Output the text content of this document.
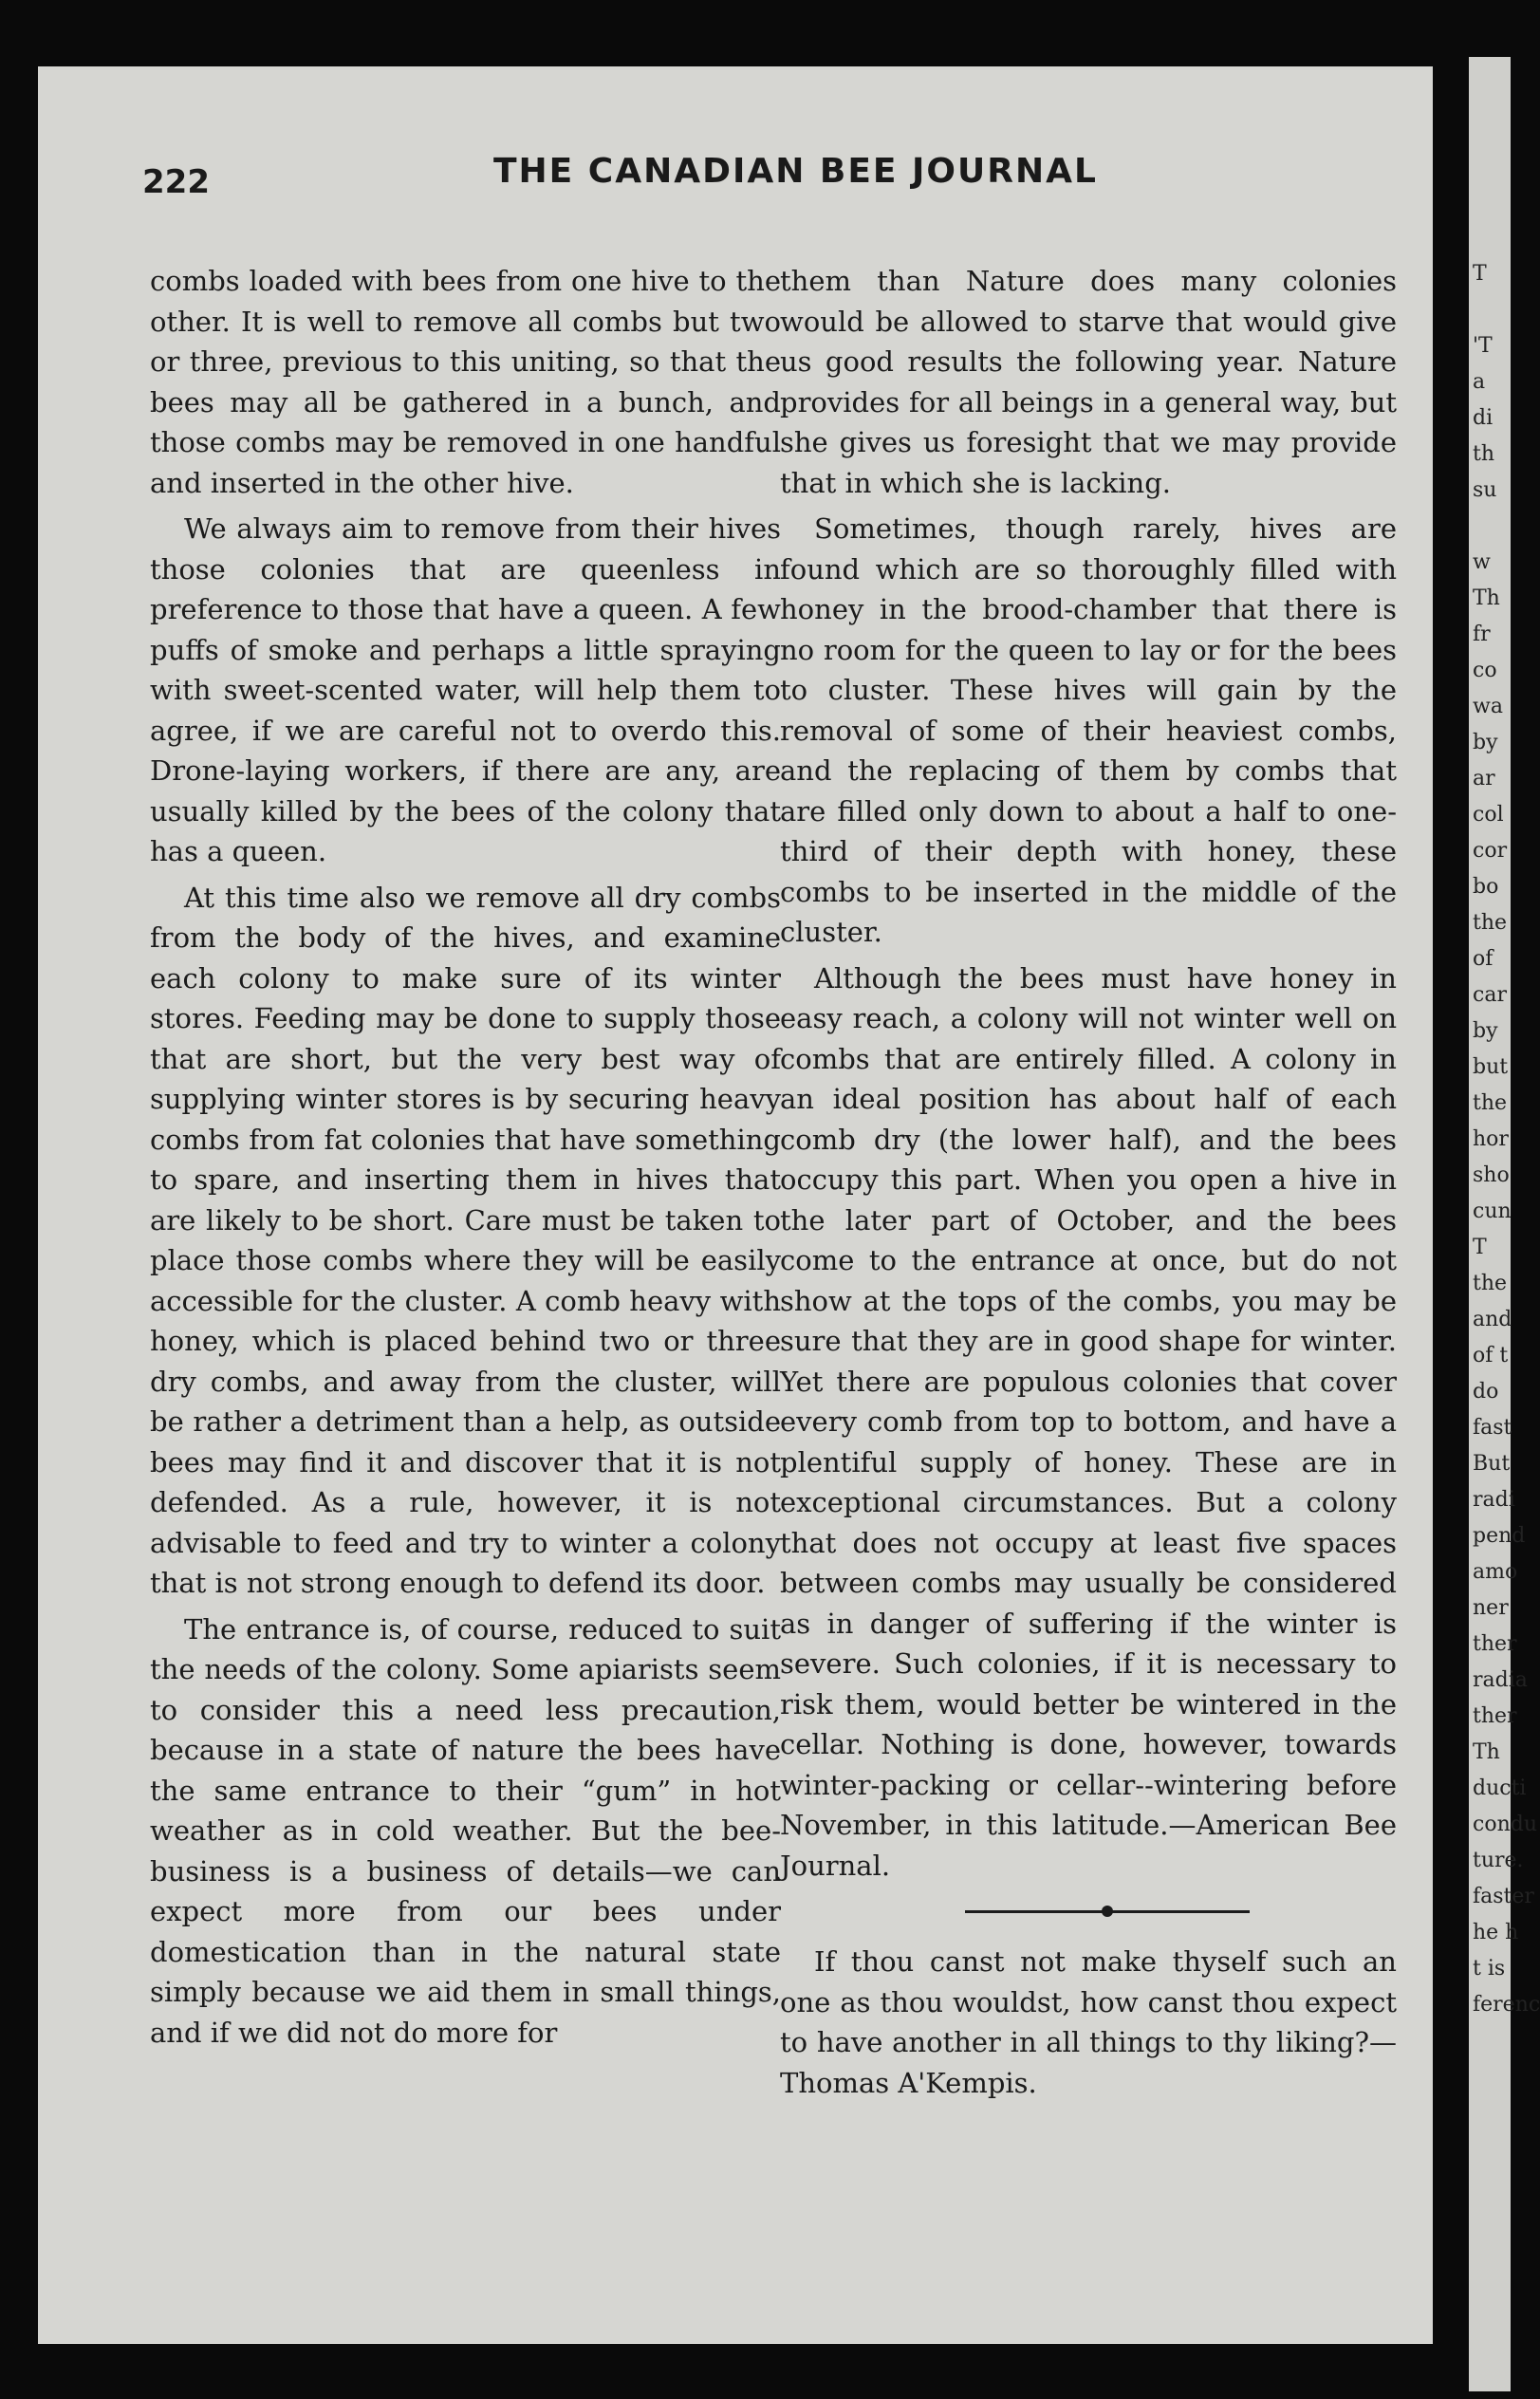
222	THE CANADIAN BEE JOURNAL

combs loaded with bees from one hive to the other. It is well to remove all combs but two or three, previous to this uniting, so that the bees may all be gathered in a bunch, and those combs may be removed in one handful and inserted in the other hive.

We always aim to remove from their hives those colonies that are queenless in preference to those that have a queen. A few puffs of smoke and perhaps a little spraying with sweet-scented water, will help them to agree, if we are careful not to overdo this. Drone-laying workers, if there are any, are usually killed by the bees of the colony that has a queen.

At this time also we remove all dry combs from the body of the hives, and examine each colony to make sure of its winter stores. Feeding may be done to supply those that are short, but the very best way of supplying winter stores is by securing heavy combs from fat colonies that have something to spare, and inserting them in hives that are likely to be short. Care must be taken to place those combs where they will be easily accessible for the cluster. A comb heavy with honey, which is placed behind two or three dry combs, and away from the cluster, will be rather a detriment than a help, as outside bees may find it and discover that it is not defended. As a rule, however, it is not advisable to feed and try to winter a colony that is not strong enough to defend its door.

The entrance is, of course, reduced to suit the needs of the colony. Some apiarists seem to consider this a need less precaution, because in a state of nature the bees have the same entrance to their “gum” in hot weather as in cold weather. But the bee-business is a business of details—we can expect more from our bees under domestication than in the natural state simply because we aid them in small things, and if we did not do more for

them than Nature does many colonies would be allowed to starve that would give us good results the following year. Nature provides for all beings in a general way, but she gives us foresight that we may provide that in which she is lacking.

Sometimes, though rarely, hives are found which are so thoroughly filled with honey in the brood-chamber that there is no room for the queen to lay or for the bees to cluster. These hives will gain by the removal of some of their heaviest combs, and the replacing of them by combs that are filled only down to about a half to one-third of their depth with honey, these combs to be inserted in the middle of the cluster.

Although the bees must have honey in easy reach, a colony will not winter well on combs that are entirely filled. A colony in an ideal position has about half of each comb dry (the lower half), and the bees occupy this part. When you open a hive in the later part of October, and the bees come to the entrance at once, but do not show at the tops of the combs, you may be sure that they are in good shape for winter. Yet there are populous colonies that cover every comb from top to bottom, and have a plentiful supply of honey. These are in exceptional circumstances. But a colony that does not occupy at least five spaces between combs may usually be considered as in danger of suffering if the winter is severe. Such colonies, if it is necessary to risk them, would better be wintered in the cellar. Nothing is done, however, towards winter-packing or cellar--wintering before November, in this latitude.—American Bee Journal.

If thou canst not make thyself such an one as thou wouldst, how canst thou expect to have another in all things to thy liking?—Thomas A'Kempis.

T
'T
a
di
th
su
w
Th
fr
co
wa
by
ar
col
cor
bo
the
of
car
by
but
the
hor
sho
cun
T
the
and
of t
do
fast
But
radi
pend
amo
ner
ther
radia
ther
Th
ducti
condu
ture.
faster
he h
t is
ferenc
